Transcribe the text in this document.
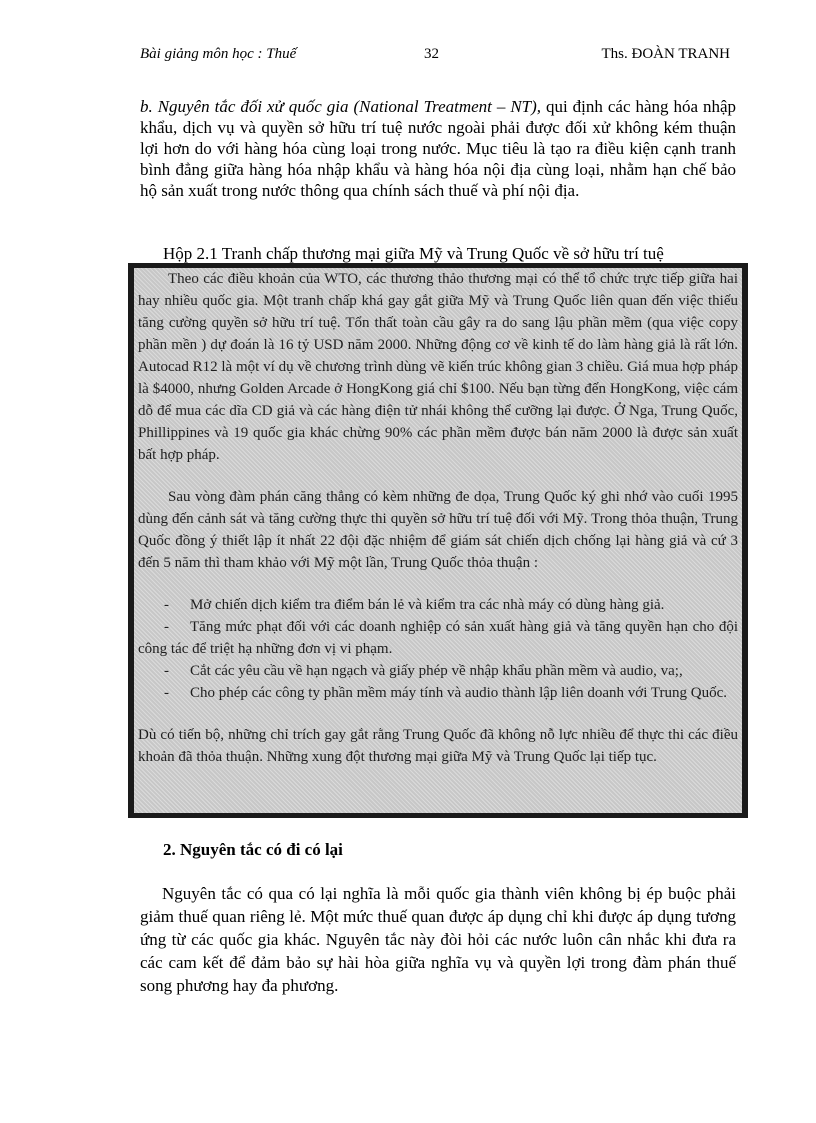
Bài giảng môn học : Thuế	32	Ths. ĐOÀN TRANH
b. Nguyên tắc đối xử quốc gia (National Treatment – NT), qui định các hàng hóa nhập khẩu, dịch vụ và quyền sở hữu trí tuệ nước ngoài phải được đối xử không kém thuận lợi hơn do với hàng hóa cùng loại trong nước. Mục tiêu là tạo ra điều kiện cạnh tranh bình đẳng giữa hàng hóa nhập khẩu và hàng hóa nội địa cùng loại, nhằm hạn chế bảo hộ sản xuất trong nước thông qua chính sách thuế và phí nội địa.
Hộp 2.1 Tranh chấp thương mại giữa Mỹ và Trung Quốc về sở hữu trí tuệ

Theo các điều khoản của WTO, các thương thảo thương mại có thể tổ chức trực tiếp giữa hai hay nhiều quốc gia. Một tranh chấp khá gay gắt giữa Mỹ và Trung Quốc liên quan đến việc thiếu tăng cường quyền sở hữu trí tuệ. Tổn thất toàn cầu gây ra do sang lậu phần mềm (qua việc copy phần mền ) dự đoán là 16 tỷ USD năm 2000. Những động cơ về kinh tế do làm hàng giả là rất lớn. Autocad R12 là một ví dụ về chương trình dùng vẽ kiến trúc không gian 3 chiều. Giá mua hợp pháp là $4000, nhưng Golden Arcade ở HongKong giá chỉ $100. Nếu bạn từng đến HongKong, việc cám dỗ để mua các dĩa CD giả và các hàng điện tử nhái không thể cưỡng lại được. Ở Nga, Trung Quốc, Phillippines và 19 quốc gia khác chừng 90% các phần mềm được bán năm 2000 là được sản xuất bất hợp pháp.

Sau vòng đàm phán căng thẳng có kèm những đe dọa, Trung Quốc ký ghi nhớ vào cuối 1995 dùng đến cảnh sát và tăng cường thực thi quyền sở hữu trí tuệ đối với Mỹ. Trong thỏa thuận, Trung Quốc đồng ý thiết lập ít nhất 22 đội đặc nhiệm để giám sát chiến dịch chống lại hàng giả và cứ 3 đến 5 năm thì tham khảo với Mỹ một lần, Trung Quốc thỏa thuận :

- Mở chiến dịch kiểm tra điểm bán lẻ và kiểm tra các nhà máy có dùng hàng giả.

- Tăng mức phạt đối với các doanh nghiệp có sản xuất hàng giả và tăng quyền hạn cho đội công tác để triệt hạ những đơn vị vi phạm.

- Cắt các yêu cầu về hạn ngạch và giấy phép về nhập khẩu phần mềm và audio, va;,

- Cho phép các công ty phần mềm máy tính và audio thành lập liên doanh với Trung Quốc.

Dù có tiến bộ, những chỉ trích gay gắt rằng Trung Quốc đã không nỗ lực nhiều để thực thi các điều khoản đã thỏa thuận. Những xung đột thương mại giữa Mỹ và Trung Quốc lại tiếp tục.

2. Nguyên tắc có đi có lại
Nguyên tắc có qua có lại nghĩa là mỗi quốc gia thành viên không bị ép buộc phải giảm thuế quan riêng lẻ. Một mức thuế quan được áp dụng chỉ khi được áp dụng tương ứng từ các quốc gia khác. Nguyên tắc này đòi hỏi các nước luôn cân nhắc khi đưa ra các cam kết để đảm bảo sự hài hòa giữa nghĩa vụ và quyền lợi trong đàm phán thuế song phương hay đa phương.
